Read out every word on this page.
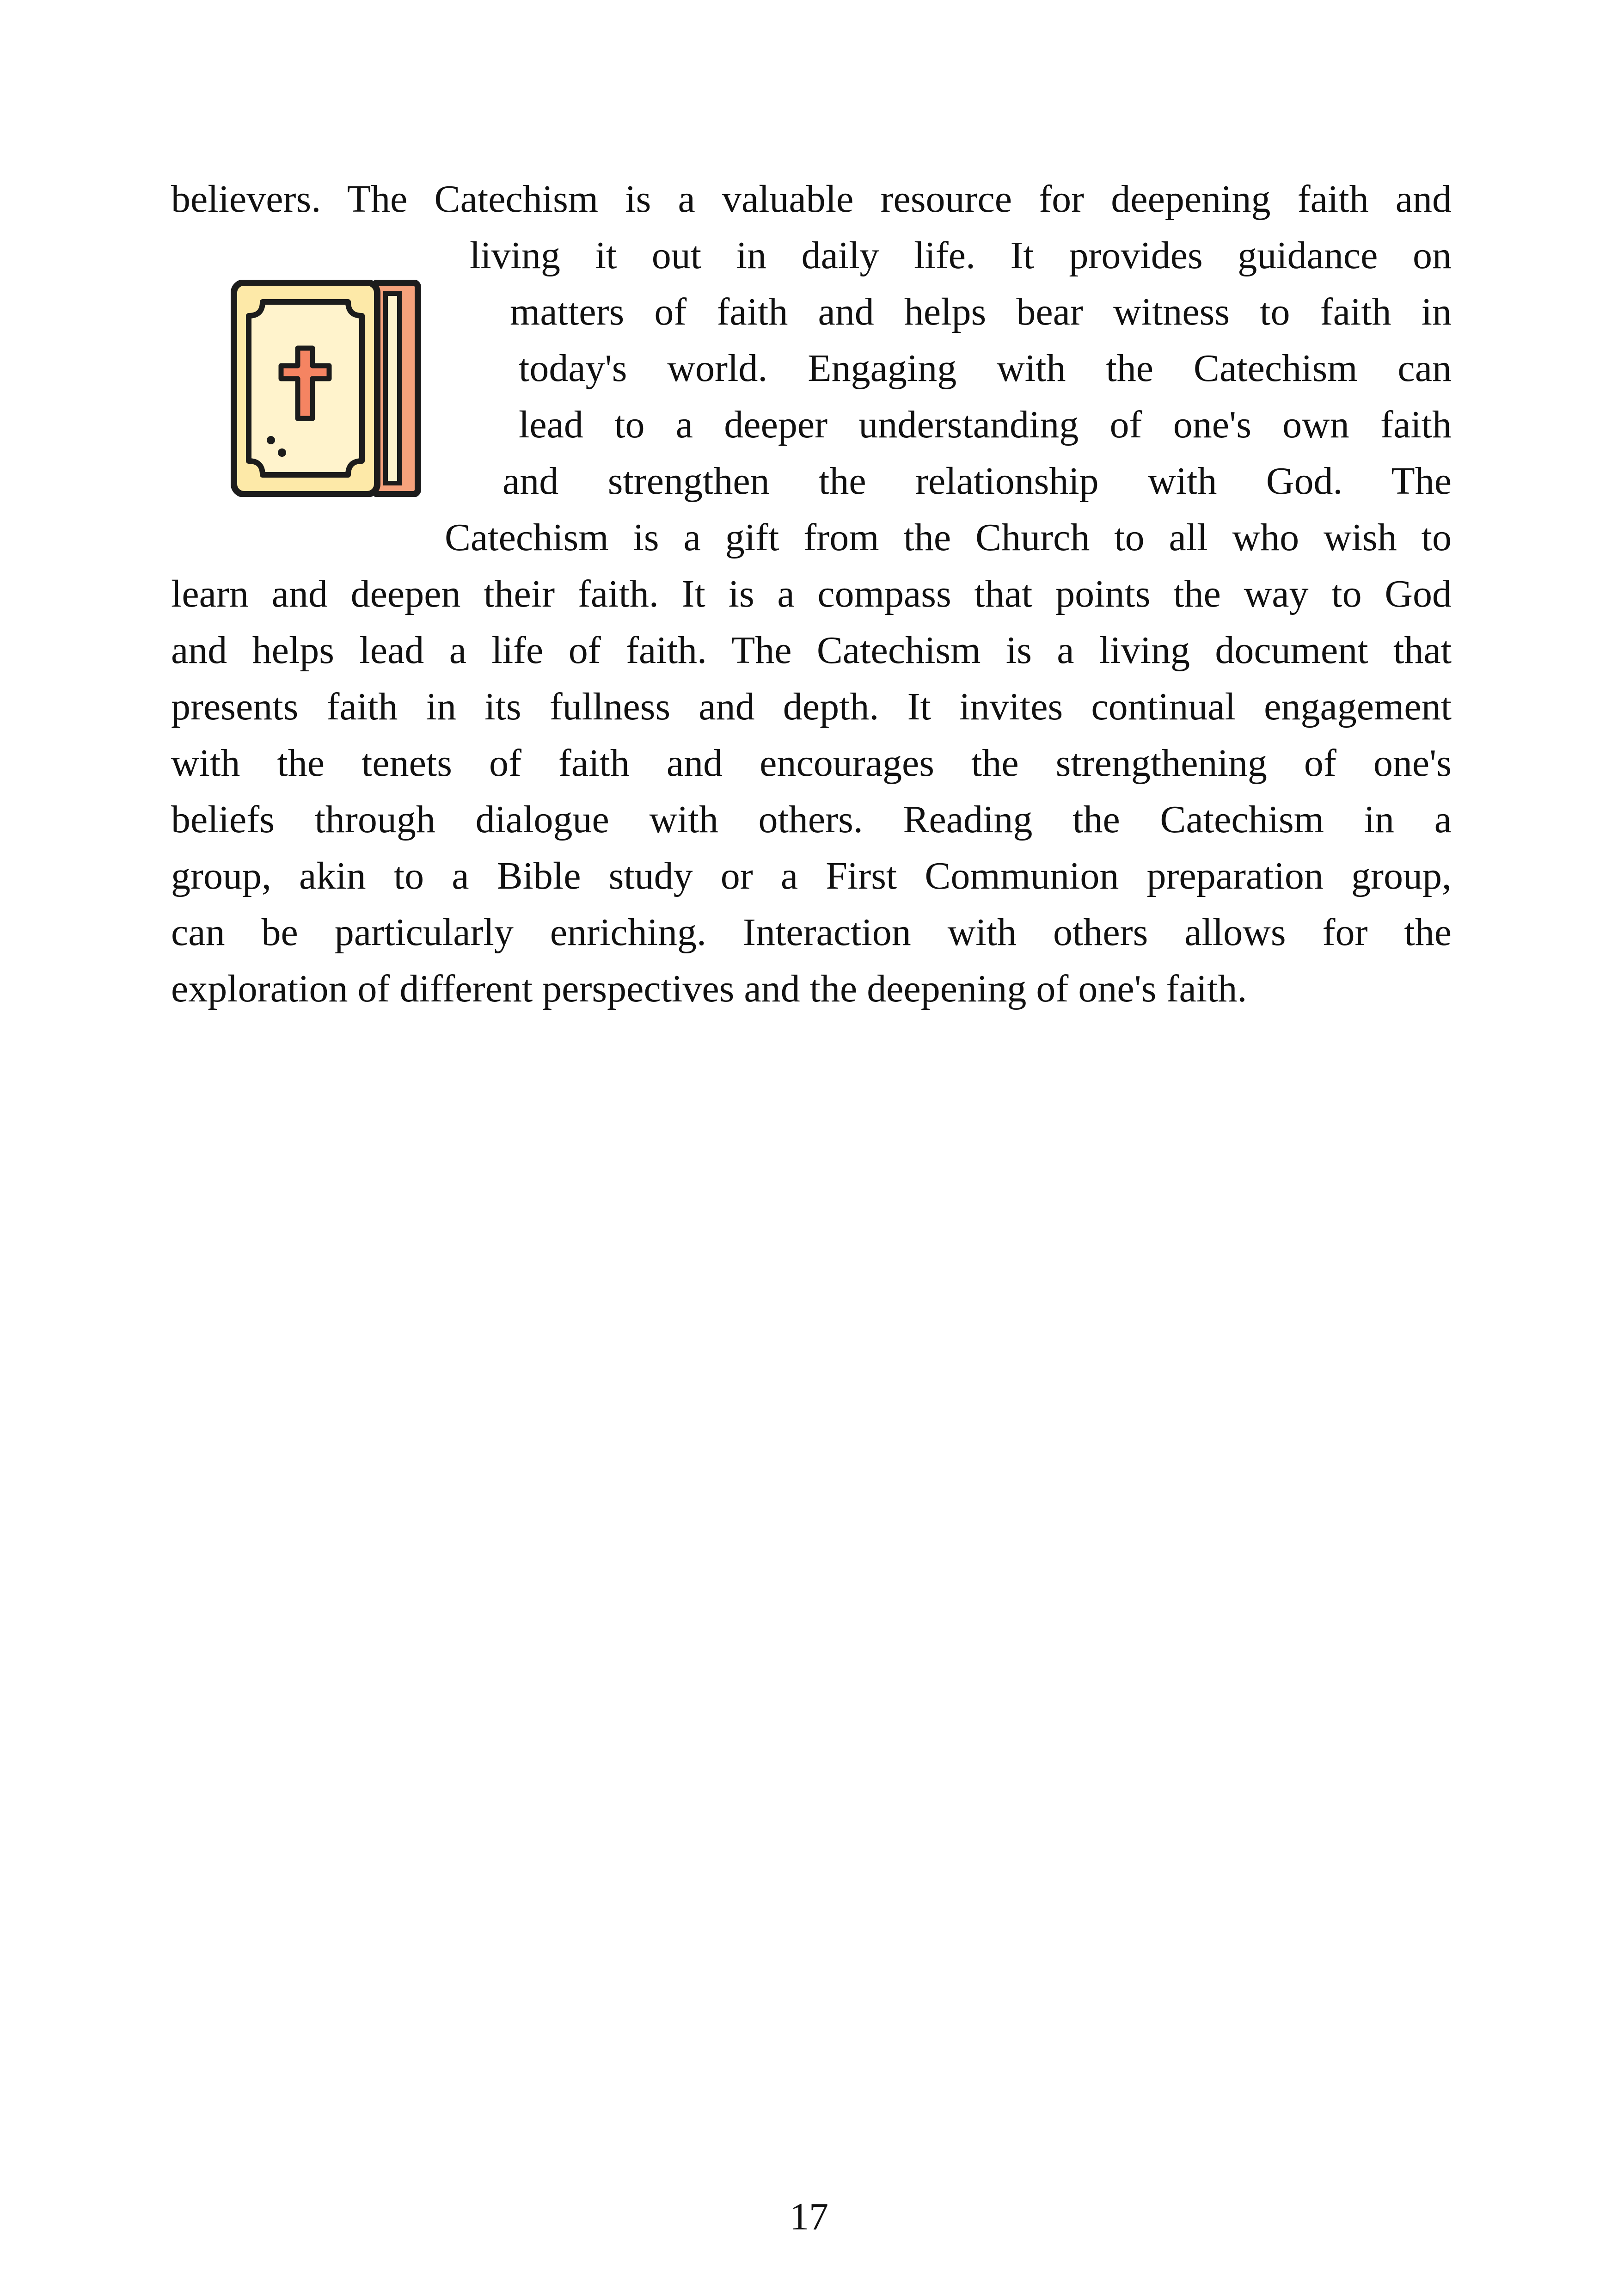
believers. The Catechism is a valuable resource for deepening faith and
living it out in daily life. It provides guidance on
matters of faith and helps bear witness to faith in
today's world. Engaging with the Catechism can
lead to a deeper understanding of one's own faith
and strengthen the relationship with God. The
Catechism is a gift from the Church to all who wish to
learn and deepen their faith. It is a compass that points the way to God
and helps lead a life of faith. The Catechism is a living document that
presents faith in its fullness and depth. It invites continual engagement
with the tenets of faith and encourages the strengthening of one's
beliefs through dialogue with others. Reading the Catechism in a
group, akin to a Bible study or a First Communion preparation group,
can be particularly enriching. Interaction with others allows for the
exploration of different perspectives and the deepening of one's faith.
17
